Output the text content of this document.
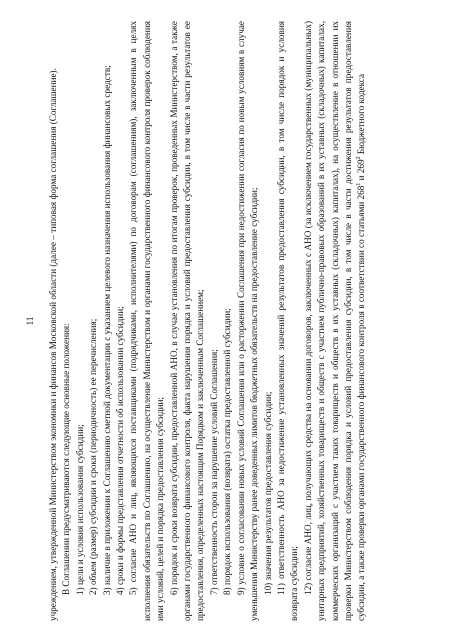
11	учреждением, утвержденной Министерством экономики и финансов Московской области (далее – типовая форма соглашения (Соглашение). В Соглашении предусматриваются следующие основные положения: 1) цели и условия использования субсидии; 2) объем (размер) субсидии и сроки (периодичность) ее перечисления; 3) наличие в приложении к Соглашению сметной документации с указанием целевого назначения использования финансовых средств; 4) сроки и формы представления отчетности об использовании субсидии; 5) согласие АНО и лиц, являющихся поставщиками (подрядчиками, исполнителями) по договорам (соглашениям), заключенным в целях исполнения обязательств по Соглашению, на осуществление Министерством и органами государственного финансового контроля проверок соблюдения ими условий, целей и порядка предоставления субсидии; 6) порядок и сроки возврата субсидии, предоставленной АНО, в случае установления по итогам проверок, проведенных Министерством, а также органами государственного финансового контроля, факта нарушения порядка и условий предоставления субсидии, в том числе в части результатов ее предоставления, определенных настоящим Порядком и заключенным Соглашением; 7) ответственность сторон за нарушение условий Соглашения; 8) порядок использования (возврата) остатка предоставленной субсидии; 9) условие о согласовании новых условий Соглашения или о расторжении Соглашения при недостижении согласия по новым условиям в случае уменьшения Министерству ранее доведенных лимитов бюджетных обязательств на предоставление субсидии; 10) значения результатов предоставления субсидии; 11) ответственность АНО за недостижение установленных значений результатов предоставления субсидии, в том числе порядок и условия возврата субсидии; 12) согласие АНО, лиц, получающих средства на основании договоров, заключенных с АНО (за исключением государственных (муниципальных) унитарных предприятий, хозяйственных товариществ и обществ с участием публично-правовых образований в их уставных (складочных) капиталах, коммерческих организаций с участием таких товариществ и обществ в их уставных (складочных) капиталах), на осуществление в отношении их проверки Министерством соблюдения порядка и условий предоставления субсидии, в том числе в части достижения результатов предоставления субсидии, а также проверки органами государственного финансового контроля в соответствии со статьями $268^1$ и $269^2$ Бюджетного кодекса
